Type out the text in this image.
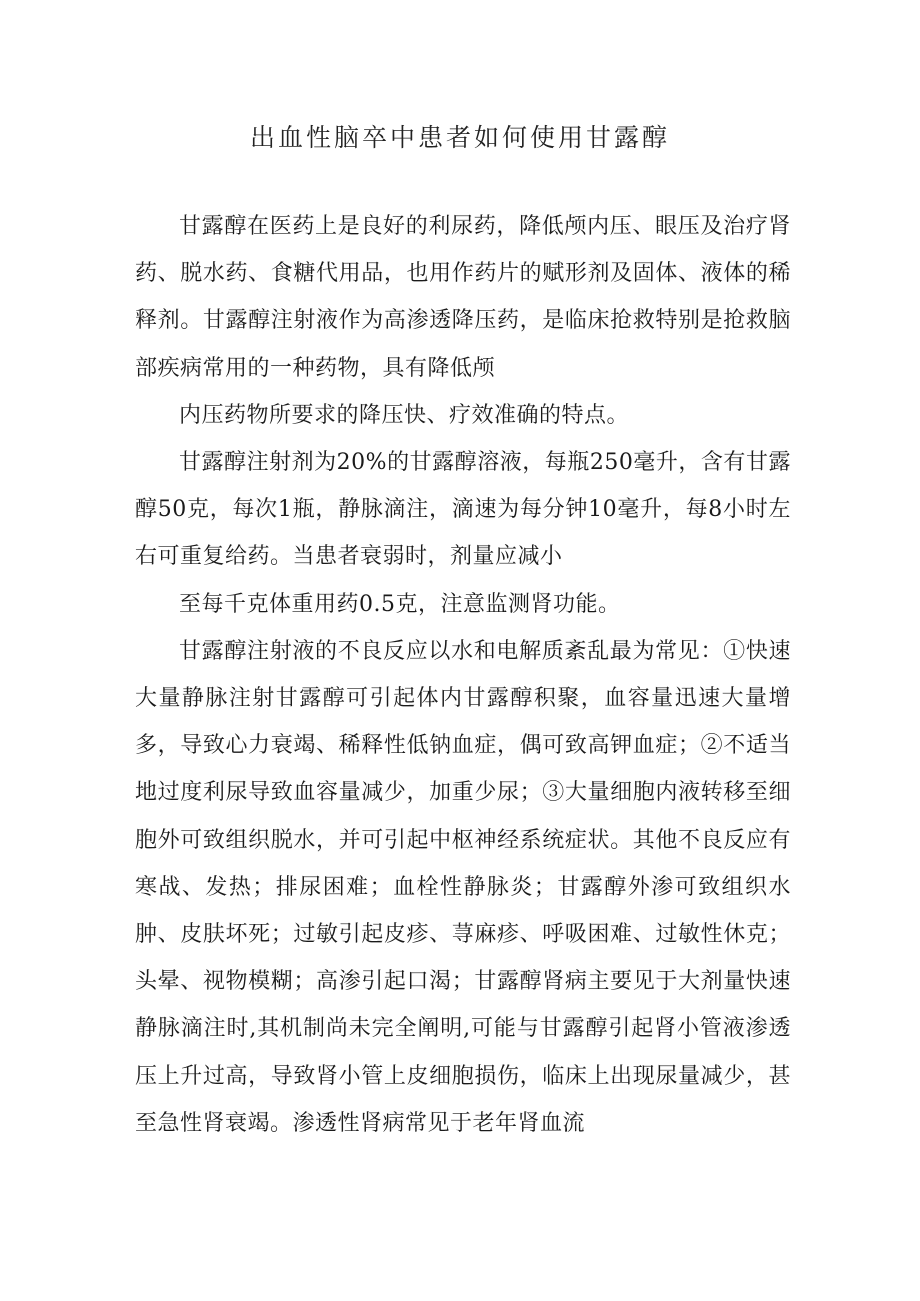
出血性脑卒中患者如何使用甘露醇

甘露醇在医药上是良好的利尿药，降低颅内压、眼压及治疗肾药、脱水药、食糖代用品，也用作药片的赋形剂及固体、液体的稀释剂。甘露醇注射液作为高渗透降压药，是临床抢救特别是抢救脑部疾病常用的一种药物，具有降低颅

内压药物所要求的降压快、疗效准确的特点。

甘露醇注射剂为20%的甘露醇溶液，每瓶250毫升，含有甘露醇50克，每次1瓶，静脉滴注，滴速为每分钟10毫升，每8小时左右可重复给药。当患者衰弱时，剂量应减小

至每千克体重用药0.5克，注意监测肾功能。

甘露醇注射液的不良反应以水和电解质紊乱最为常见：①快速大量静脉注射甘露醇可引起体内甘露醇积聚，血容量迅速大量增多，导致心力衰竭、稀释性低钠血症，偶可致高钾血症；②不适当地过度利尿导致血容量减少，加重少尿；③大量细胞内液转移至细胞外可致组织脱水，并可引起中枢神经系统症状。其他不良反应有寒战、发热；排尿困难；血栓性静脉炎；甘露醇外渗可致组织水肿、皮肤坏死；过敏引起皮疹、荨麻疹、呼吸困难、过敏性休克；头晕、视物模糊；高渗引起口渴；甘露醇肾病主要见于大剂量快速静脉滴注时,其机制尚未完全阐明,可能与甘露醇引起肾小管液渗透压上升过高，导致肾小管上皮细胞损伤，临床上出现尿量减少，甚至急性肾衰竭。渗透性肾病常见于老年肾血流
